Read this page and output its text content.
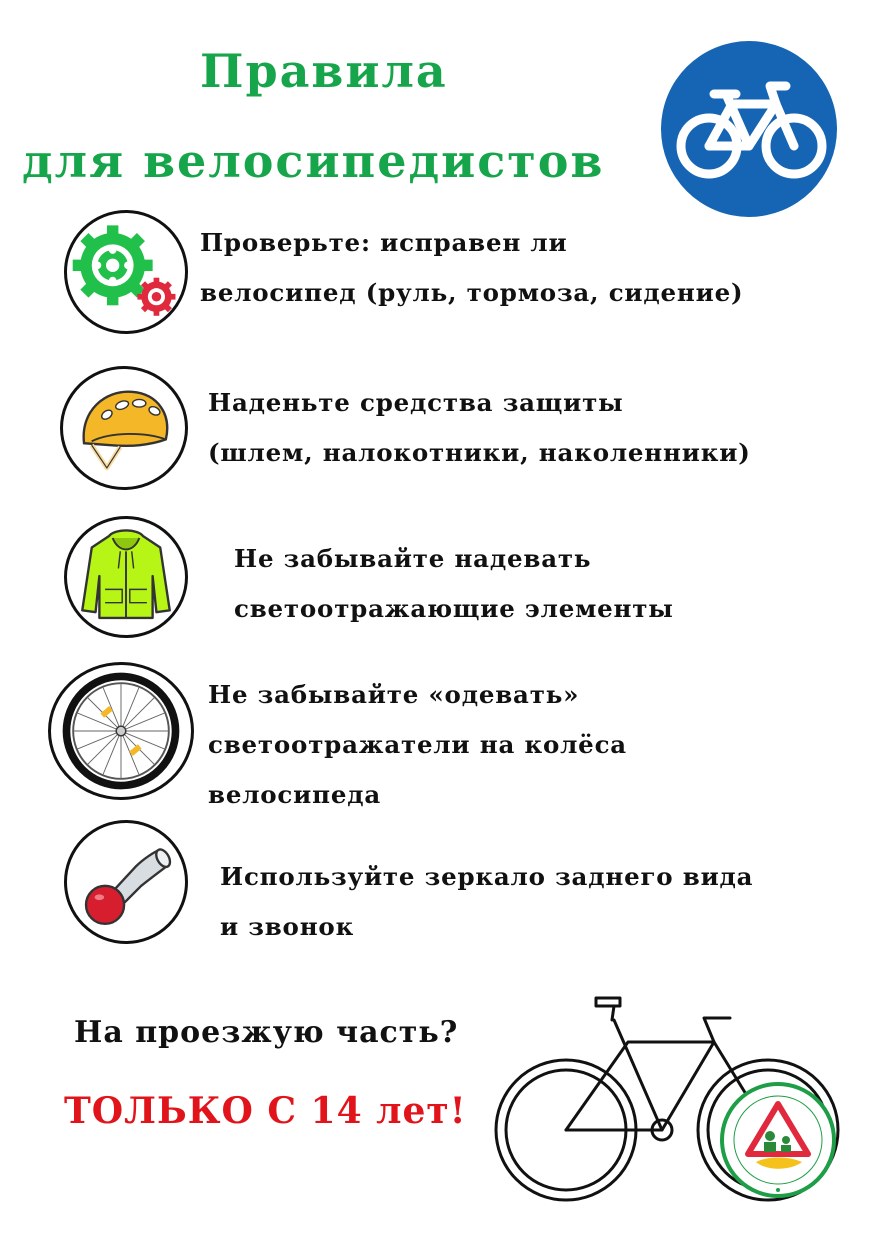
Правила
для велосипедистов
Проверьте: исправен ли
велосипед (руль, тормоза, сидение)
Наденьте средства защиты
(шлем, налокотники, наколенники)
Не забывайте надевать
светоотражающие элементы
Не забывайте «одевать»
светоотражатели на колёса
велосипеда
Используйте зеркало заднего вида
и звонок
На проезжую часть?
ТОЛЬКО С 14 лет!
